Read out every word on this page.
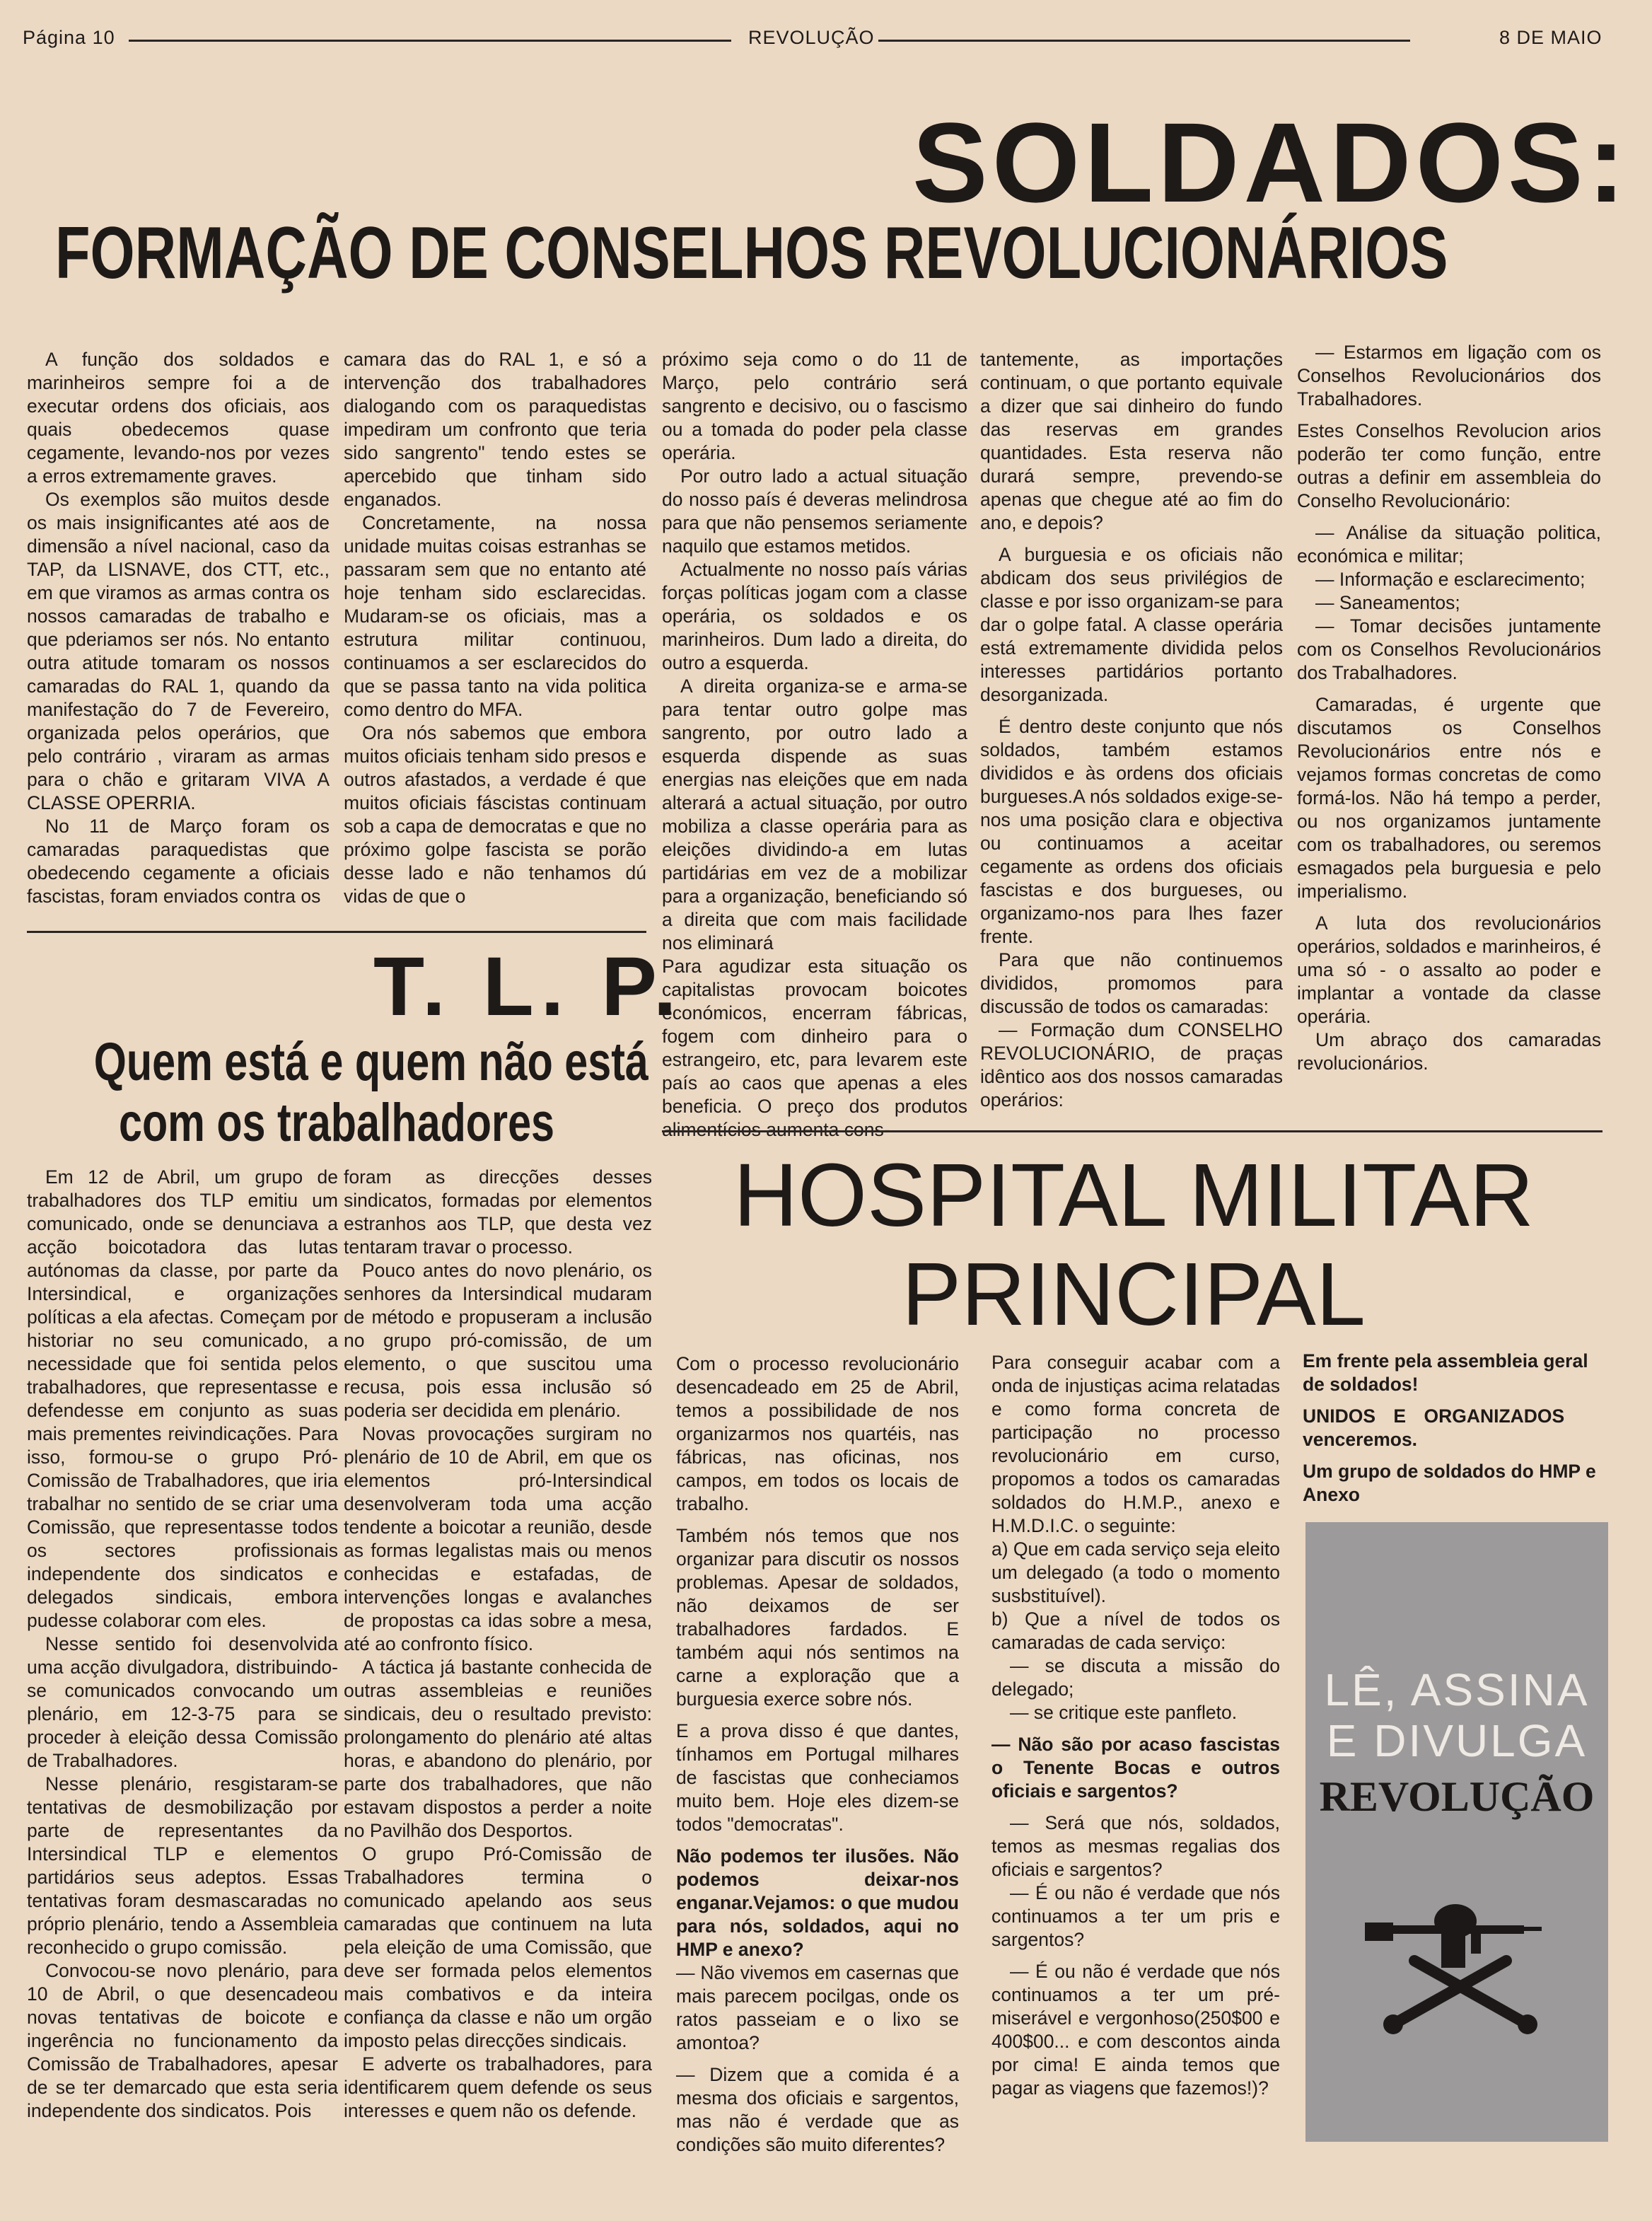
Página 10	REVOLUÇÃO	8 DE MAIO
SOLDADOS:
FORMAÇÃO DE CONSELHOS REVOLUCIONÁRIOS

A função dos soldados e marinheiros sempre foi a de executar ordens dos oficiais, aos quais obedecemos quase cegamente, levando-nos por vezes a erros extremamente graves.

Os exemplos são muitos desde os mais insignificantes até aos de dimensão a nível nacional, caso da TAP, da LISNAVE, dos CTT, etc., em que viramos as armas contra os nossos camaradas de trabalho e que pderiamos ser nós. No entanto outra atitude tomaram os nossos camaradas do RAL 1, quando da manifestação do 7 de Fevereiro, organizada pelos operários, que pelo contrário , viraram as armas para o chão e gritaram VIVA A CLASSE OPERRIA.

No 11 de Março foram os camaradas paraquedistas que obedecendo cegamente a oficiais fascistas, foram enviados contra os

camara das do RAL 1, e só a intervenção dos trabalhadores dialogando com os paraquedistas impediram um confronto que teria sido sangrento" tendo estes se apercebido que tinham sido enganados.

Concretamente, na nossa unidade muitas coisas estranhas se passaram sem que no entanto até hoje tenham sido esclarecidas. Mudaram-se os oficiais, mas a estrutura militar continuou, continuamos a ser esclarecidos do que se passa tanto na vida politica como dentro do MFA.

Ora nós sabemos que embora muitos oficiais tenham sido presos e outros afastados, a verdade é que muitos oficiais fáscistas continuam sob a capa de democratas e que no próximo golpe fascista se porão desse lado e não tenhamos dú vidas de que o

próximo seja como o do 11 de Março, pelo contrário será sangrento e decisivo, ou o fascismo ou a tomada do poder pela classe operária.

Por outro lado a actual situação do nosso país é deveras melindrosa para que não pensemos seriamente naquilo que estamos metidos.

Actualmente no nosso país várias forças políticas jogam com a classe operária, os soldados e os marinheiros. Dum lado a direita, do outro a esquerda.

A direita organiza-se e arma-se para tentar outro golpe mas sangrento, por outro lado a esquerda dispende as suas energias nas eleições que em nada alterará a actual situação, por outro mobiliza a classe operária para as eleições dividindo-a em lutas partidárias em vez de a mobilizar para a organização, beneficiando só a direita que com mais facilidade nos eliminará

Para agudizar esta situação os capitalistas provocam boicotes económicos, encerram fábricas, fogem com dinheiro para o estrangeiro, etc, para levarem este país ao caos que apenas a eles beneficia. O preço dos produtos alimentícios aumenta cons-

tantemente, as importações continuam, o que portanto equivale a dizer que sai dinheiro do fundo das reservas em grandes quantidades. Esta reserva não durará sempre, prevendo-se apenas que chegue até ao fim do ano, e depois?

A burguesia e os oficiais não abdicam dos seus privilégios de classe e por isso organizam-se para dar o golpe fatal. A classe operária está extremamente dividida pelos interesses partidários portanto desorganizada.

É dentro deste conjunto que nós soldados, também estamos divididos e às ordens dos oficiais burgueses.A nós soldados exige-se-nos uma posição clara e objectiva ou continuamos a aceitar cegamente as ordens dos oficiais fascistas e dos burgueses, ou organizamo-nos para lhes fazer frente.

Para que não continuemos divididos, promomos para discussão de todos os camaradas:

— Formação dum CONSELHO REVOLUCIONÁRIO, de praças idêntico aos dos nossos camaradas operários:

— Estarmos em ligação com os Conselhos Revolucionários dos Trabalhadores.

Estes Conselhos Revolucion arios poderão ter como função, entre outras a definir em assembleia do Conselho Revolucionário:

— Análise da situação politica, económica e militar;

— Informação e esclarecimento;

— Saneamentos;

— Tomar decisões juntamente com os Conselhos Revolucionários dos Trabalhadores.

Camaradas, é urgente que discutamos os Conselhos Revolucionários entre nós e vejamos formas concretas de como formá-los. Não há tempo a perder, ou nos organizamos juntamente com os trabalhadores, ou seremos esmagados pela burguesia e pelo imperialismo.

A luta dos revolucionários operários, soldados e marinheiros, é uma só - o assalto ao poder e implantar a vontade da classe operária.

Um abraço dos camaradas revolucionários.

T. L. P.
Quem está e quem não está
com os trabalhadores

Em 12 de Abril, um grupo de trabalhadores dos TLP emitiu um comunicado, onde se denunciava a acção boicotadora das lutas autónomas da classe, por parte da Intersindical, e organizações políticas a ela afectas. Começam por historiar no seu comunicado, a necessidade que foi sentida pelos trabalhadores, que representasse e defendesse em conjunto as suas mais prementes reivindicações. Para isso, formou-se o grupo Pró-Comissão de Trabalhadores, que iria trabalhar no sentido de se criar uma Comissão, que representasse todos os sectores profissionais independente dos sindicatos e delegados sindicais, embora pudesse colaborar com eles.

Nesse sentido foi desenvolvida uma acção divulgadora, distribuindo-se comunicados convocando um plenário, em 12-3-75 para se proceder à eleição dessa Comissão de Trabalhadores.

Nesse plenário, resgistaram-se tentativas de desmobilização por parte de representantes da Intersindical TLP e elementos partidários seus adeptos. Essas tentativas foram desmascaradas no próprio plenário, tendo a Assembleia reconhecido o grupo comissão.

Convocou-se novo plenário, para 10 de Abril, o que desencadeou novas tentativas de boicote e ingerência no funcionamento da Comissão de Trabalhadores, apesar de se ter demarcado que esta seria independente dos sindicatos. Pois

foram as direcções desses sindicatos, formadas por elementos estranhos aos TLP, que desta vez tentaram travar o processo.

Pouco antes do novo plenário, os senhores da Intersindical mudaram de método e propuseram a inclusão no grupo pró-comissão, de um elemento, o que suscitou uma recusa, pois essa inclusão só poderia ser decidida em plenário.

Novas provocações surgiram no plenário de 10 de Abril, em que os elementos pró-Intersindical desenvolveram toda uma acção tendente a boicotar a reunião, desde as formas legalistas mais ou menos conhecidas e estafadas, de intervenções longas e avalanches de propostas ca idas sobre a mesa, até ao confronto físico.

A táctica já bastante conhecida de outras assembleias e reuniões sindicais, deu o resultado previsto: prolongamento do plenário até altas horas, e abandono do plenário, por parte dos trabalhadores, que não estavam dispostos a perder a noite no Pavilhão dos Desportos.

O grupo Pró-Comissão de Trabalhadores termina o comunicado apelando aos seus camaradas que continuem na luta pela eleição de uma Comissão, que deve ser formada pelos elementos mais combativos e da inteira confiança da classe e não um orgão imposto pelas direcções sindicais.

E adverte os trabalhadores, para identificarem quem defende os seus interesses e quem não os defende.

HOSPITAL MILITAR
PRINCIPAL

Com o processo revolucionário desencadeado em 25 de Abril, temos a possibilidade de nos organizarmos nos quartéis, nas fábricas, nas oficinas, nos campos, em todos os locais de trabalho.

Também nós temos que nos organizar para discutir os nossos problemas. Apesar de soldados, não deixamos de ser trabalhadores fardados. E também aqui nós sentimos na carne a exploração que a burguesia exerce sobre nós.

E a prova disso é que dantes, tínhamos em Portugal milhares de fascistas que conheciamos muito bem. Hoje eles dizem-se todos "democratas".

Não podemos ter ilusões. Não podemos deixar-nos enganar.Vejamos: o que mudou para nós, soldados, aqui no HMP e anexo?

— Não vivemos em casernas que mais parecem pocilgas, onde os ratos passeiam e o lixo se amontoa?

— Dizem que a comida é a mesma dos oficiais e sargentos, mas não é verdade que as condições são muito diferentes?

Para conseguir acabar com a onda de injustiças acima relatadas e como forma concreta de participação no processo revolucionário em curso, propomos a todos os camaradas soldados do H.M.P., anexo e H.M.D.I.C. o seguinte:

a) Que em cada serviço seja eleito um delegado (a todo o momento susbstituível).

b) Que a nível de todos os camaradas de cada serviço:

— se discuta a missão do delegado;

— se critique este panfleto.

— Não são por acaso fascistas o Tenente Bocas e outros oficiais e sargentos?

— Será que nós, soldados, temos as mesmas regalias dos oficiais e sargentos?

— É ou não é verdade que nós continuamos a ter um pris e sargentos?

— É ou não é verdade que nós continuamos a ter um pré-miserável e vergonhoso(250$00 e 400$00... e com descontos ainda por cima! E ainda temos que pagar as viagens que fazemos!)?

Em frente pela assembleia geral de soldados!

UNIDOS E ORGANIZADOS venceremos.

Um grupo de soldados do HMP e Anexo

LÊ, ASSINA
E DIVULGA
REVOLUÇÃO
